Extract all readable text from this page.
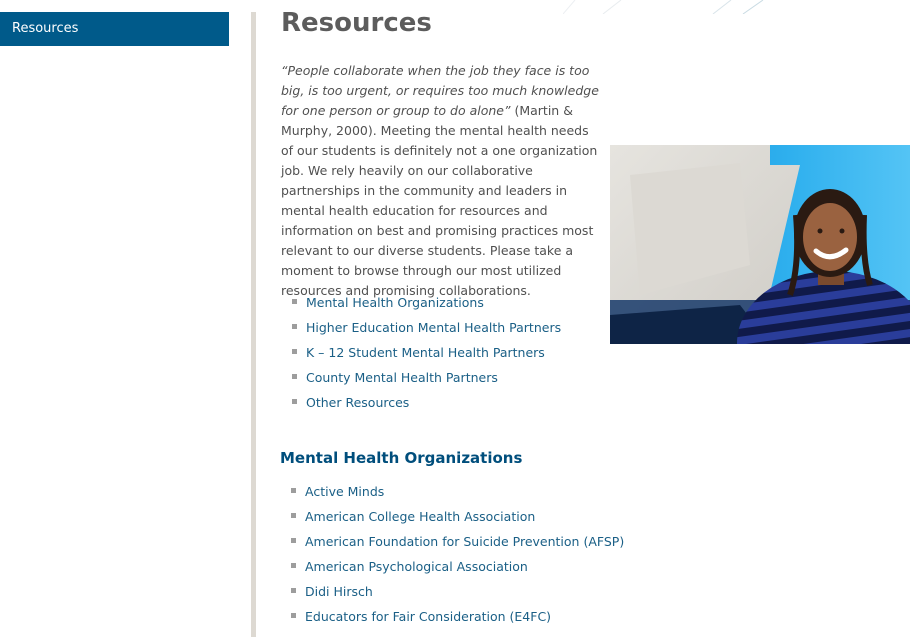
Resources	Resources

“People collaborate when the job they face is too big, is too urgent, or requires too much knowledge for one person or group to do alone” (Martin & Murphy, 2000). Meeting the mental health needs of our students is definitely not a one organization job. We rely heavily on our collaborative partnerships in the community and leaders in mental health education for resources and information on best and promising practices most relevant to our diverse students. Please take a moment to browse through our most utilized resources and promising collaborations.

Mental Health Organizations
Higher Education Mental Health Partners
K – 12 Student Mental Health Partners
County Mental Health Partners
Other Resources
Mental Health Organizations
Active Minds
American College Health Association
American Foundation for Suicide Prevention (AFSP)
American Psychological Association
Didi Hirsch
Educators for Fair Consideration (E4FC)
